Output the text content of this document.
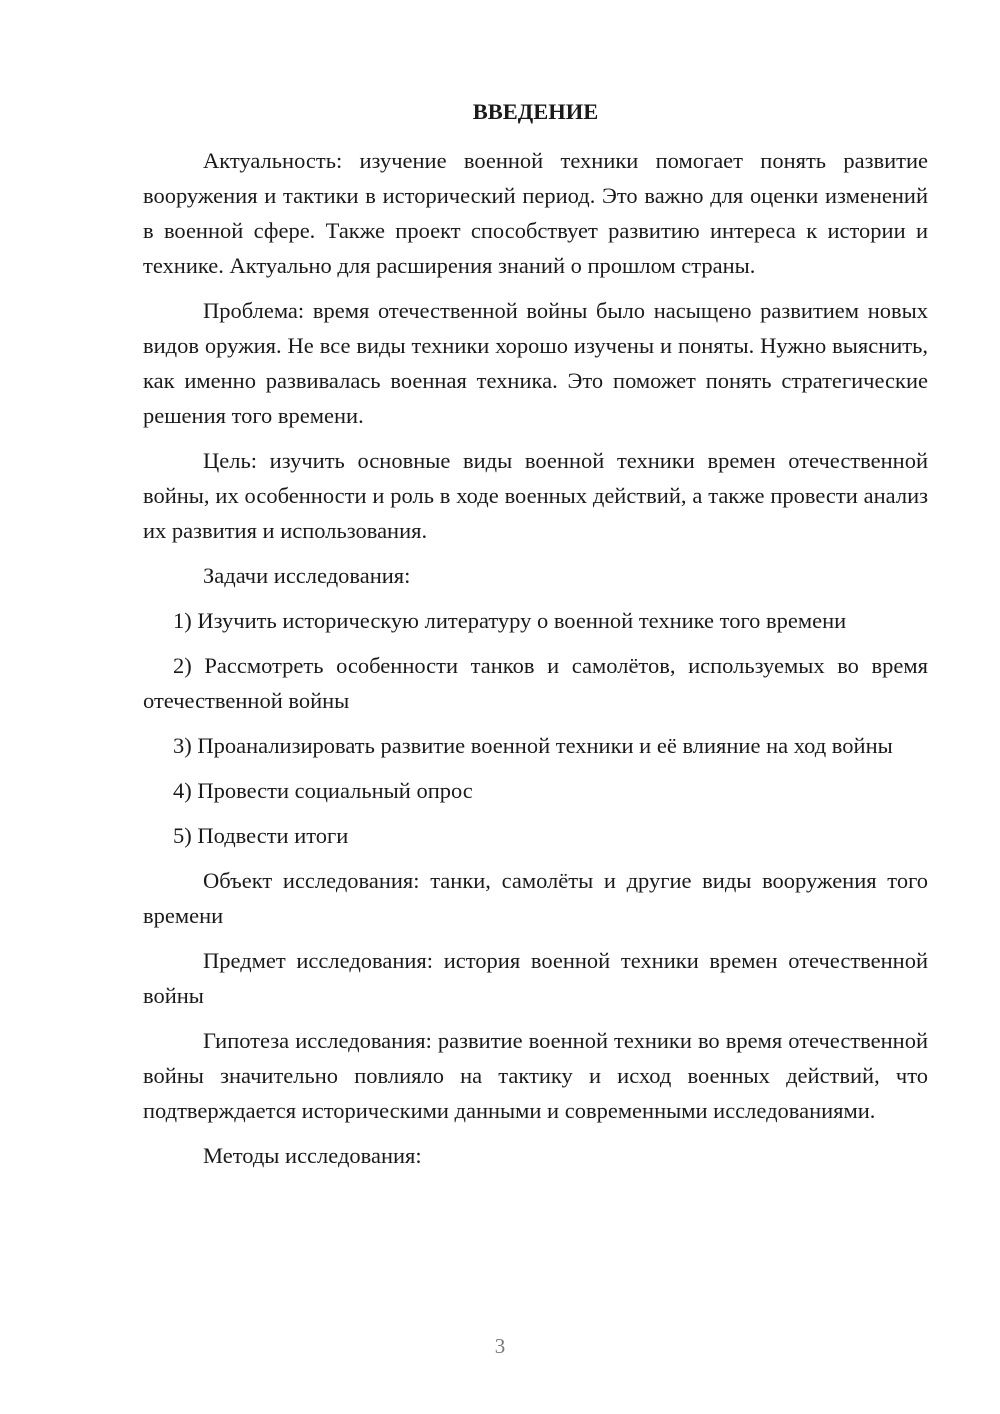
ВВЕДЕНИЕ

Актуальность: изучение военной техники помогает понять развитие вооружения и тактики в исторический период. Это важно для оценки изменений в военной сфере. Также проект способствует развитию интереса к истории и технике. Актуально для расширения знаний о прошлом страны.

Проблема: время отечественной войны было насыщено развитием новых видов оружия. Не все виды техники хорошо изучены и поняты. Нужно выяснить, как именно развивалась военная техника. Это поможет понять стратегические решения того времени.

Цель: изучить основные виды военной техники времен отечественной войны, их особенности и роль в ходе военных действий, а также провести анализ их развития и использования.

Задачи исследования:

1) Изучить историческую литературу о военной технике того времени

2) Рассмотреть особенности танков и самолётов, используемых во время отечественной войны

3) Проанализировать развитие военной техники и её влияние на ход войны

4) Провести социальный опрос

5) Подвести итоги

Объект исследования: танки, самолёты и другие виды вооружения того времени

Предмет исследования: история военной техники времен отечественной войны

Гипотеза исследования: развитие военной техники во время отечественной войны значительно повлияло на тактику и исход военных действий, что подтверждается историческими данными и современными исследованиями.

Методы исследования:

3
